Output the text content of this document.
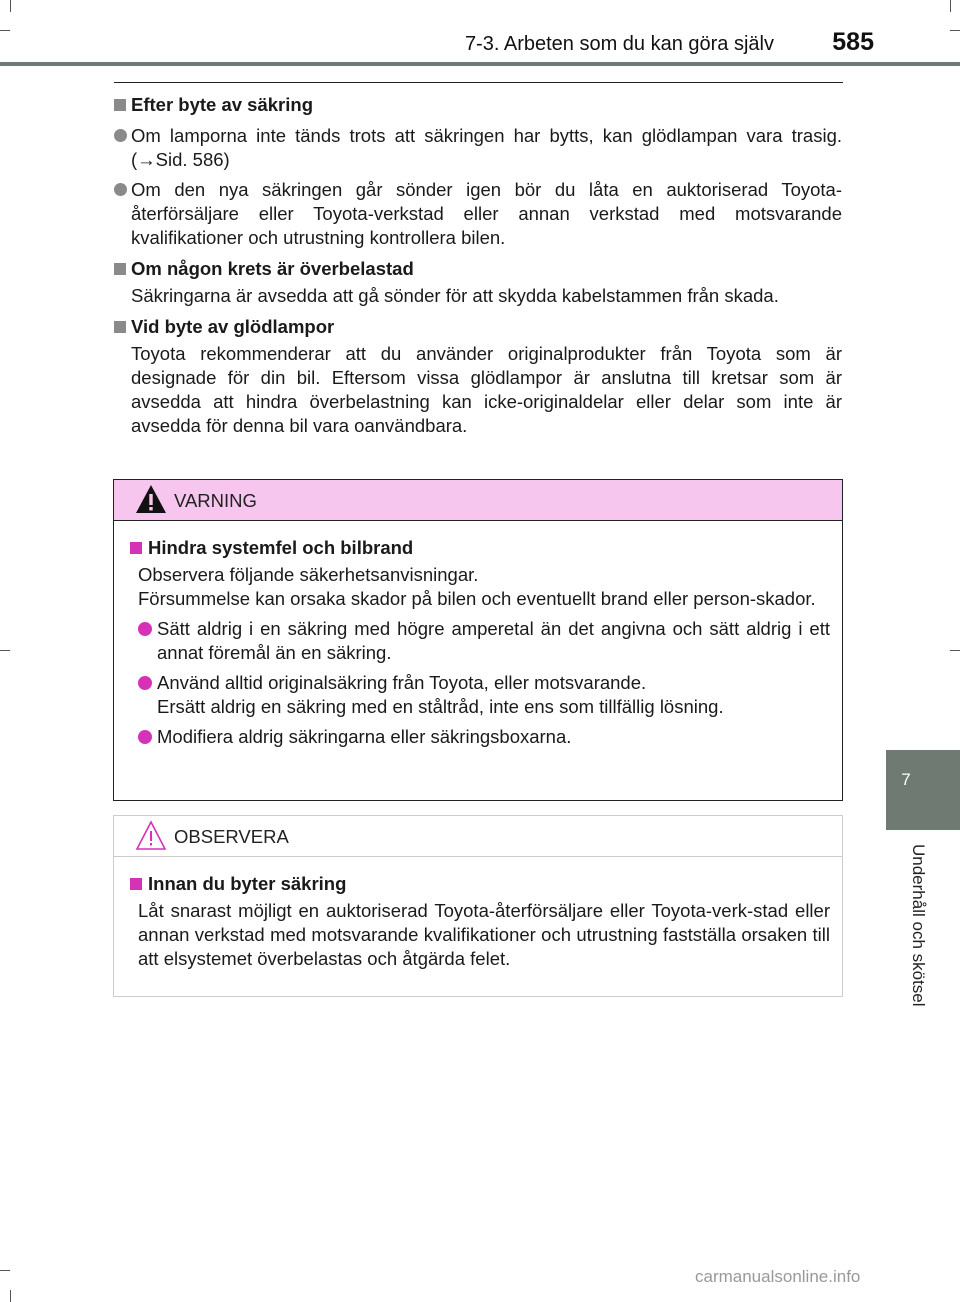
7-3. Arbeten som du kan göra själv 585
7
Underhåll och skötsel
Efter byte av säkring
Om lamporna inte tänds trots att säkringen har bytts, kan glödlampan vara trasig. (→Sid. 586)
Om den nya säkringen går sönder igen bör du låta en auktoriserad Toyota-återförsäljare eller Toyota-verkstad eller annan verkstad med motsvarande kvalifikationer och utrustning kontrollera bilen.
Om någon krets är överbelastad
Säkringarna är avsedda att gå sönder för att skydda kabelstammen från skada.
Vid byte av glödlampor
Toyota rekommenderar att du använder originalprodukter från Toyota som är designade för din bil. Eftersom vissa glödlampor är anslutna till kretsar som är avsedda att hindra överbelastning kan icke-originaldelar eller delar som inte är avsedda för denna bil vara oanvändbara.
VARNING
Hindra systemfel och bilbrand
Observera följande säkerhetsanvisningar.
Försummelse kan orsaka skador på bilen och eventuellt brand eller person-skador.
Sätt aldrig i en säkring med högre amperetal än det angivna och sätt aldrig i ett annat föremål än en säkring.
Använd alltid originalsäkring från Toyota, eller motsvarande.
Ersätt aldrig en säkring med en ståltråd, inte ens som tillfällig lösning.
Modifiera aldrig säkringarna eller säkringsboxarna.
OBSERVERA
Innan du byter säkring
Låt snarast möjligt en auktoriserad Toyota-återförsäljare eller Toyota-verk-stad eller annan verkstad med motsvarande kvalifikationer och utrustning fastställa orsaken till att elsystemet överbelastas och åtgärda felet.
carmanualsonline.info
